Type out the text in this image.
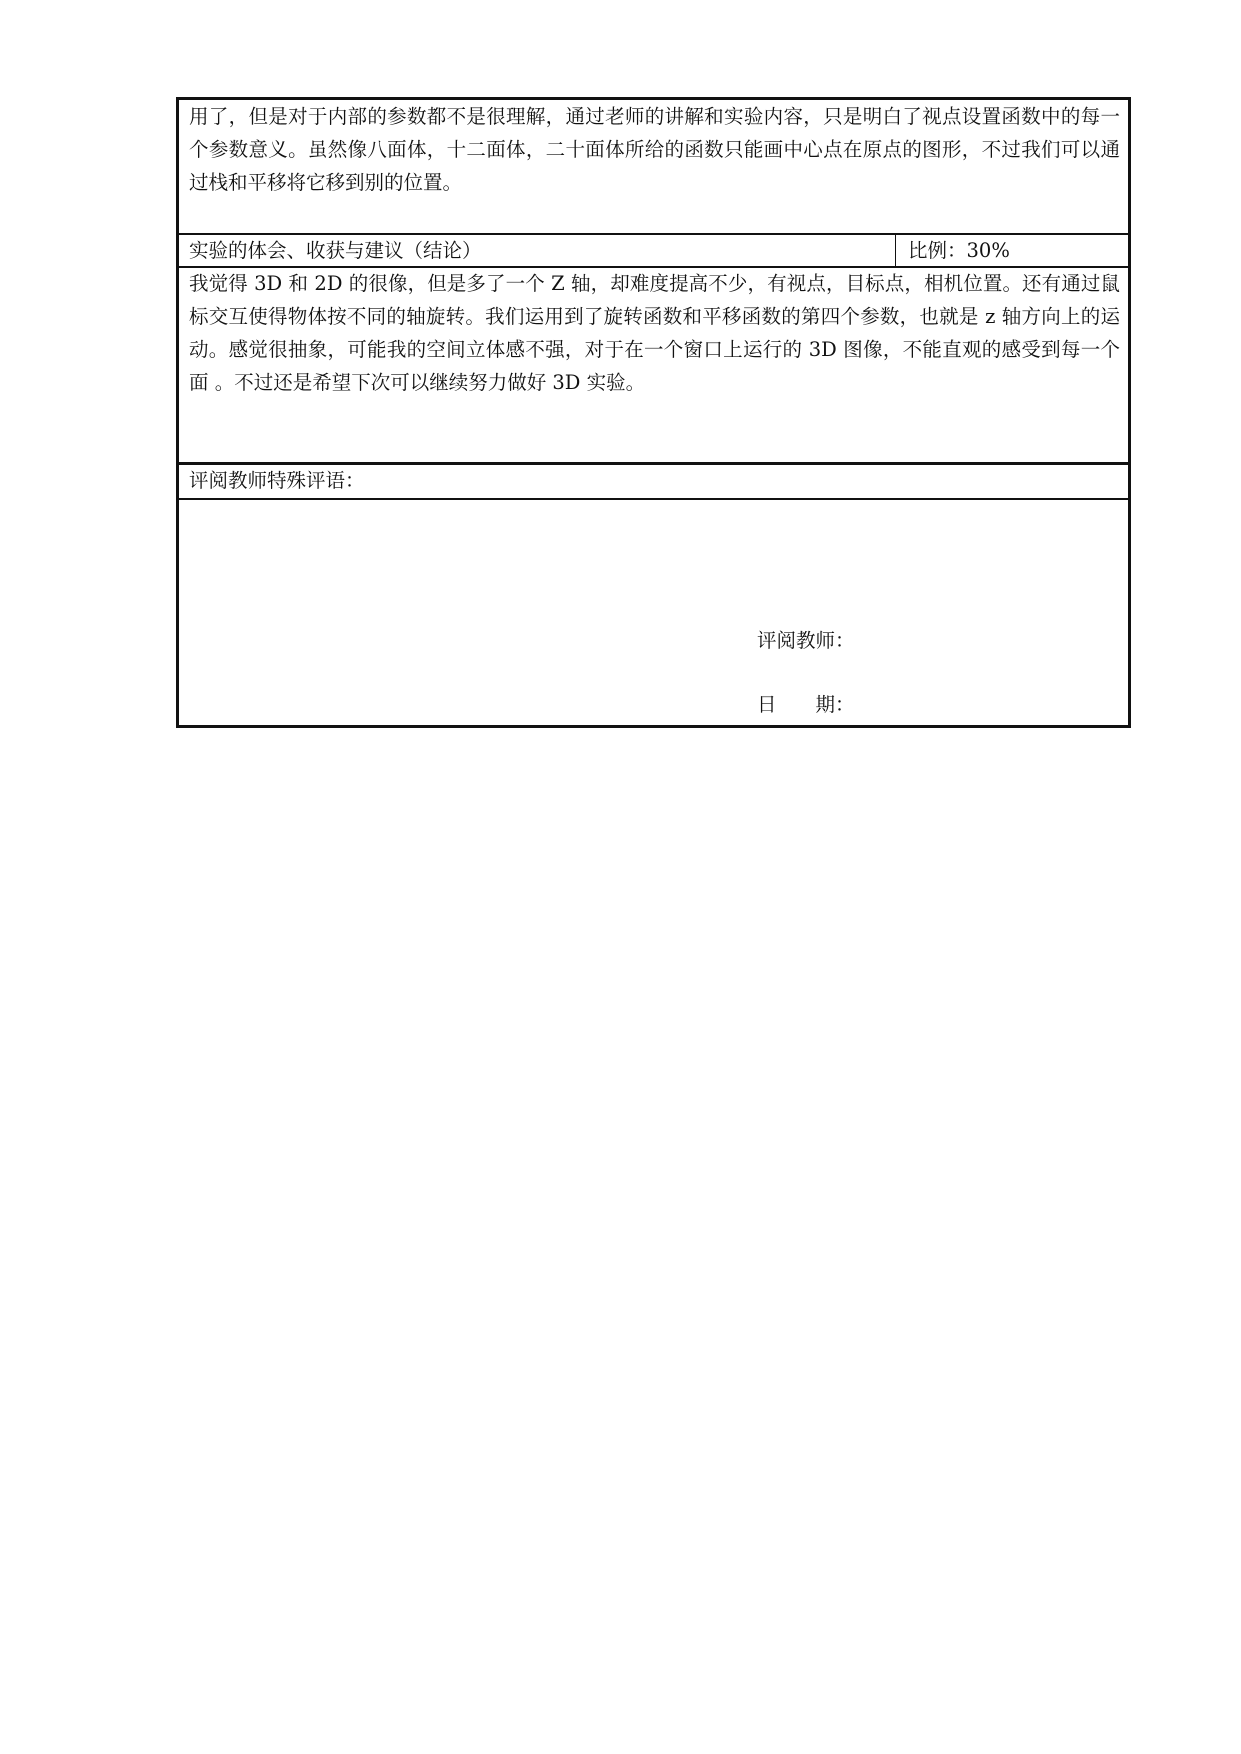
用了，但是对于内部的参数都不是很理解，通过老师的讲解和实验内容，只是明白了视点设置函数中的每一个参数意义。虽然像八面体，十二面体，二十面体所给的函数只能画中心点在原点的图形，不过我们可以通过栈和平移将它移到别的位置。
实验的体会、收获与建议（结论）	比例：30%
我觉得 3D 和 2D 的很像，但是多了一个 Z 轴，却难度提高不少，有视点，目标点，相机位置。还有通过鼠标交互使得物体按不同的轴旋转。我们运用到了旋转函数和平移函数的第四个参数，也就是 z 轴方向上的运动。感觉很抽象，可能我的空间立体感不强，对于在一个窗口上运行的 3D 图像，不能直观的感受到每一个面 。不过还是希望下次可以继续努力做好 3D 实验。
评阅教师特殊评语：
评阅教师：
日　　期：
